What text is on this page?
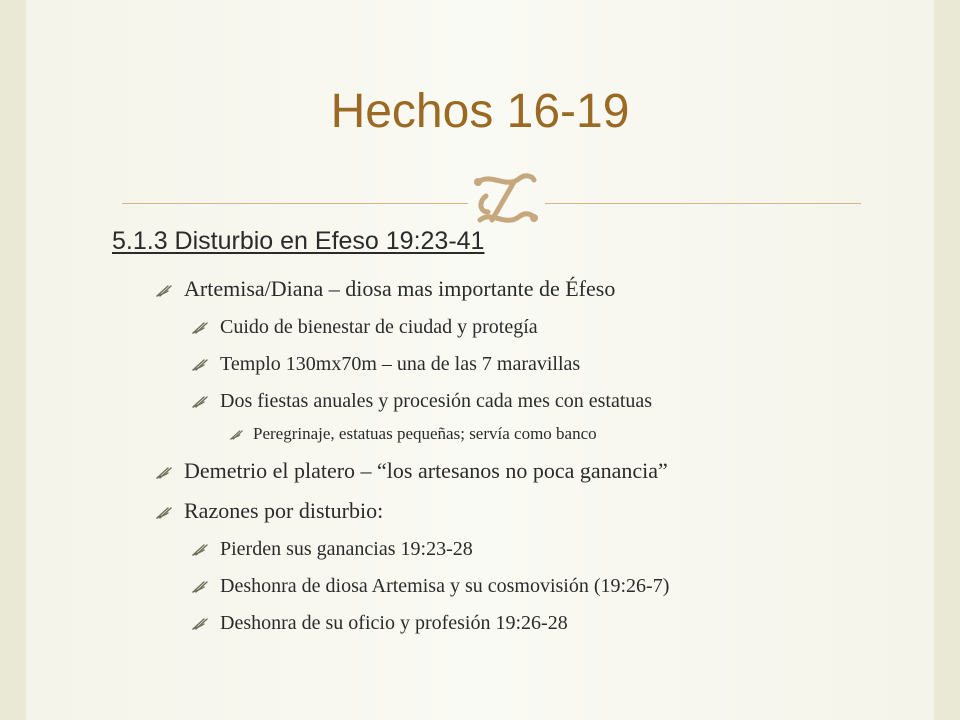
Hechos 16-19
5.1.3 Disturbio en Efeso 19:23-41
Artemisa/Diana – diosa mas importante de Éfeso
Cuido de bienestar de ciudad y protegía
Templo 130mx70m – una de las 7 maravillas
Dos fiestas anuales y procesión cada mes con estatuas
Peregrinaje, estatuas pequeñas; servía como banco
Demetrio el platero – “los artesanos no poca ganancia”
Razones por disturbio:
Pierden sus ganancias 19:23-28
Deshonra de diosa Artemisa y su cosmovisión (19:26-7)
Deshonra de su oficio y profesión 19:26-28
